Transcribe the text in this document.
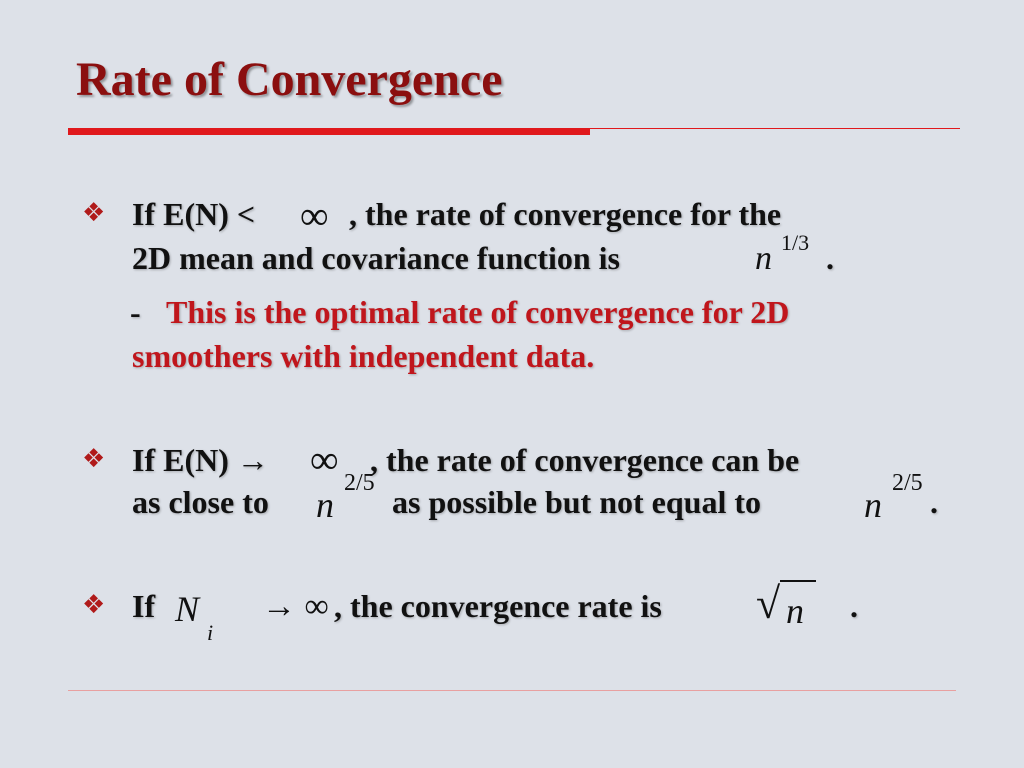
Rate of Convergence
❖ If E(N) < ∞ , the rate of convergence for the
2D mean and covariance function is	n 1/3 .
- This is the optimal rate of convergence for 2D
smoothers with independent data.
❖ If E(N) → ∞ , the rate of convergence can be
as close to n
2/5
as possible but not equal to	n
2/5
.
❖ If N
i
→ ∞ , the convergence rate is √ n .
